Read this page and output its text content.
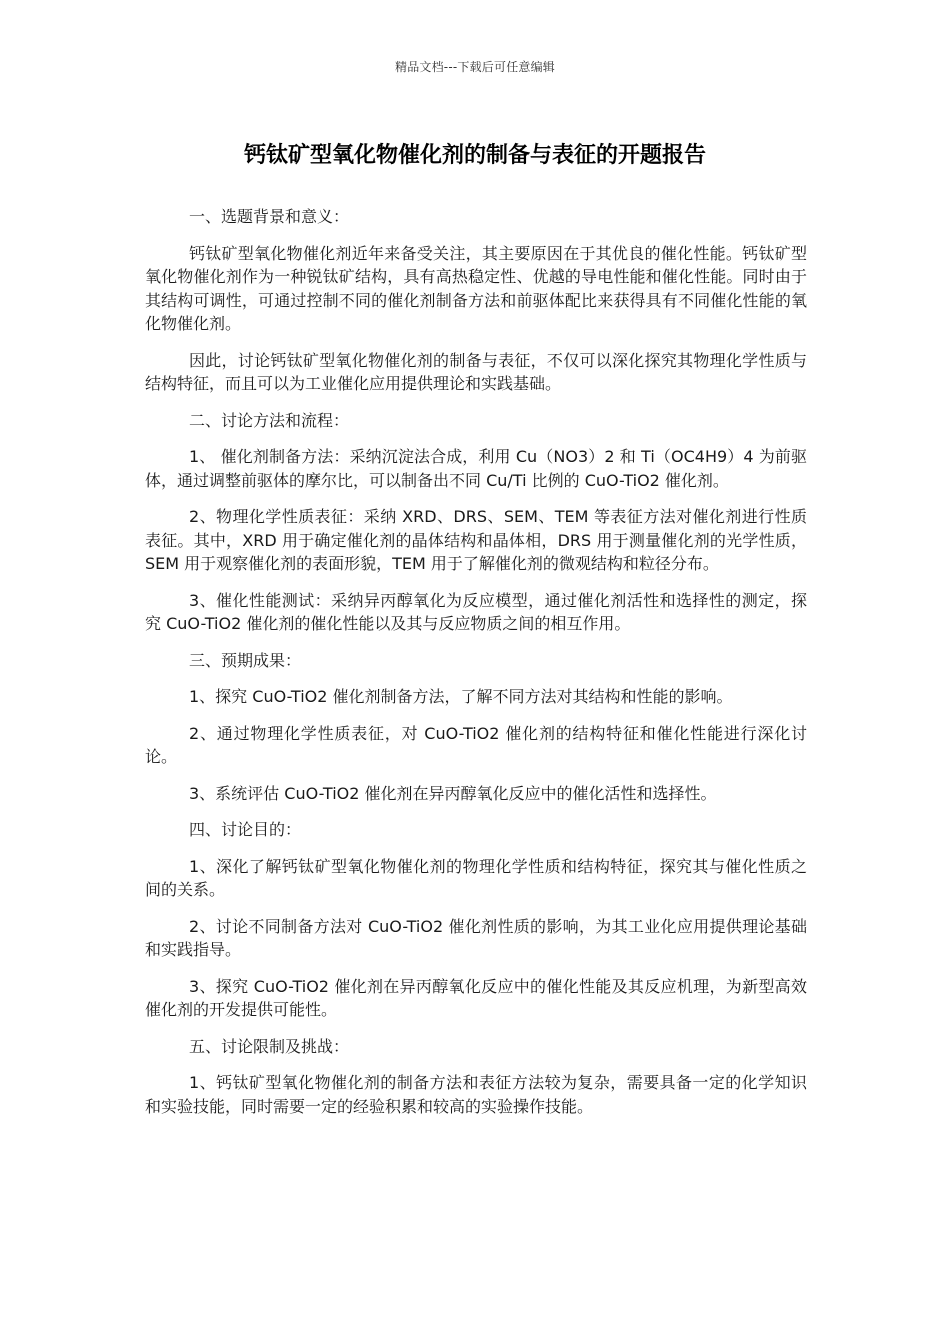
精品文档---下载后可任意编辑
钙钛矿型氧化物催化剂的制备与表征的开题报告

一、选题背景和意义：

钙钛矿型氧化物催化剂近年来备受关注，其主要原因在于其优良的催化性能。钙钛矿型氧化物催化剂作为一种锐钛矿结构，具有高热稳定性、优越的导电性能和催化性能。同时由于其结构可调性，可通过控制不同的催化剂制备方法和前驱体配比来获得具有不同催化性能的氧化物催化剂。

因此，讨论钙钛矿型氧化物催化剂的制备与表征，不仅可以深化探究其物理化学性质与结构特征，而且可以为工业催化应用提供理论和实践基础。

二、讨论方法和流程：

1、 催化剂制备方法：采纳沉淀法合成，利用 Cu（NO3）2 和 Ti（OC4H9）4 为前驱体，通过调整前驱体的摩尔比，可以制备出不同 Cu/Ti 比例的 CuO-TiO2 催化剂。

2、物理化学性质表征：采纳 XRD、DRS、SEM、TEM 等表征方法对催化剂进行性质表征。其中，XRD 用于确定催化剂的晶体结构和晶体相，DRS 用于测量催化剂的光学性质，SEM 用于观察催化剂的表面形貌，TEM 用于了解催化剂的微观结构和粒径分布。

3、催化性能测试：采纳异丙醇氧化为反应模型，通过催化剂活性和选择性的测定，探究 CuO-TiO2 催化剂的催化性能以及其与反应物质之间的相互作用。

三、预期成果：

1、探究 CuO-TiO2 催化剂制备方法，了解不同方法对其结构和性能的影响。

2、通过物理化学性质表征，对 CuO-TiO2 催化剂的结构特征和催化性能进行深化讨论。

3、系统评估 CuO-TiO2 催化剂在异丙醇氧化反应中的催化活性和选择性。

四、讨论目的：

1、深化了解钙钛矿型氧化物催化剂的物理化学性质和结构特征，探究其与催化性质之间的关系。

2、讨论不同制备方法对 CuO-TiO2 催化剂性质的影响，为其工业化应用提供理论基础和实践指导。

3、探究 CuO-TiO2 催化剂在异丙醇氧化反应中的催化性能及其反应机理，为新型高效催化剂的开发提供可能性。

五、讨论限制及挑战：

1、钙钛矿型氧化物催化剂的制备方法和表征方法较为复杂，需要具备一定的化学知识和实验技能，同时需要一定的经验积累和较高的实验操作技能。
